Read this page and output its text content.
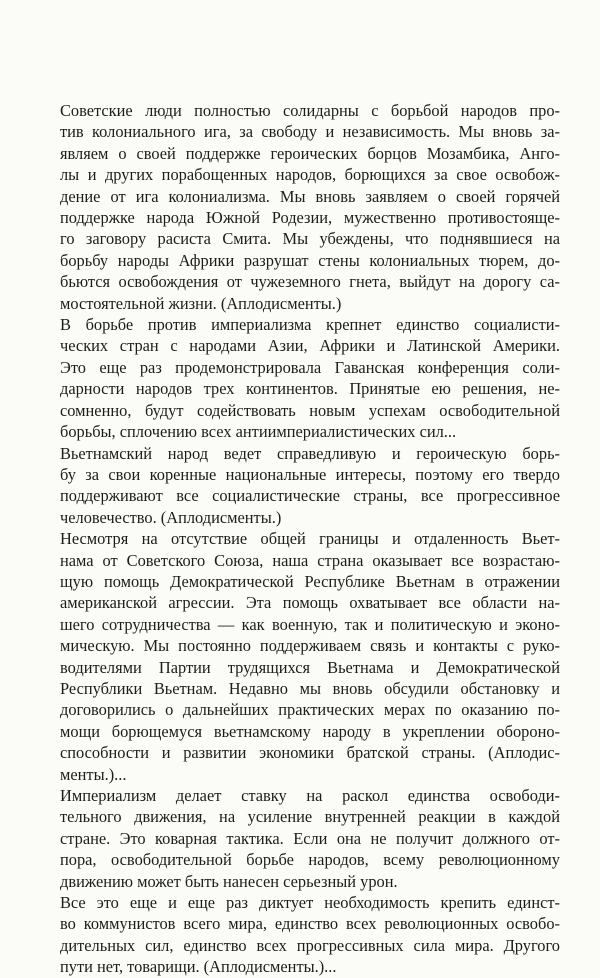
Советские люди полностью солидарны с борьбой народов про-
тив колониального ига, за свободу и независимость. Мы вновь за-
являем о своей поддержке героических борцов Мозамбика, Анго-
лы и других порабощенных народов, борющихся за свое освобож-
дение от ига колониализма. Мы вновь заявляем о своей горячей
поддержке народа Южной Родезии, мужественно противостояще-
го заговору расиста Смита. Мы убеждены, что поднявшиеся на
борьбу народы Африки разрушат стены колониальных тюрем, до-
бьются освобождения от чужеземного гнета, выйдут на дорогу са-
мостоятельной жизни. (Аплодисменты.)

В борьбе против империализма крепнет единство социалисти-
ческих стран с народами Азии, Африки и Латинской Америки.
Это еще раз продемонстрировала Гаванская конференция соли-
дарности народов трех континентов. Принятые ею решения, не-
сомненно, будут содействовать новым успехам освободительной
борьбы, сплочению всех антиимпериалистических сил...

Вьетнамский народ ведет справедливую и героическую борь-
бу за свои коренные национальные интересы, поэтому его твердо
поддерживают все социалистические страны, все прогрессивное
человечество. (Аплодисменты.)

Несмотря на отсутствие общей границы и отдаленность Вьет-
нама от Советского Союза, наша страна оказывает все возрастаю-
щую помощь Демократической Республике Вьетнам в отражении
американской агрессии. Эта помощь охватывает все области на-
шего сотрудничества — как военную, так и политическую и эконо-
мическую. Мы постоянно поддерживаем связь и контакты с руко-
водителями Партии трудящихся Вьетнама и Демократической
Республики Вьетнам. Недавно мы вновь обсудили обстановку и
договорились о дальнейших практических мерах по оказанию по-
мощи борющемуся вьетнамскому народу в укреплении обороно-
способности и развитии экономики братской страны. (Аплодис-
менты.)...

Империализм делает ставку на раскол единства освободи-
тельного движения, на усиление внутренней реакции в каждой
стране. Это коварная тактика. Если она не получит должного от-
пора, освободительной борьбе народов, всему революционному
движению может быть нанесен серьезный урон.

Все это еще и еще раз диктует необходимость крепить единст-
во коммунистов всего мира, единство всех революционных освобо-
дительных сил, единство всех прогрессивных сила мира. Другого
пути нет, товарищи. (Аплодисменты.)...
